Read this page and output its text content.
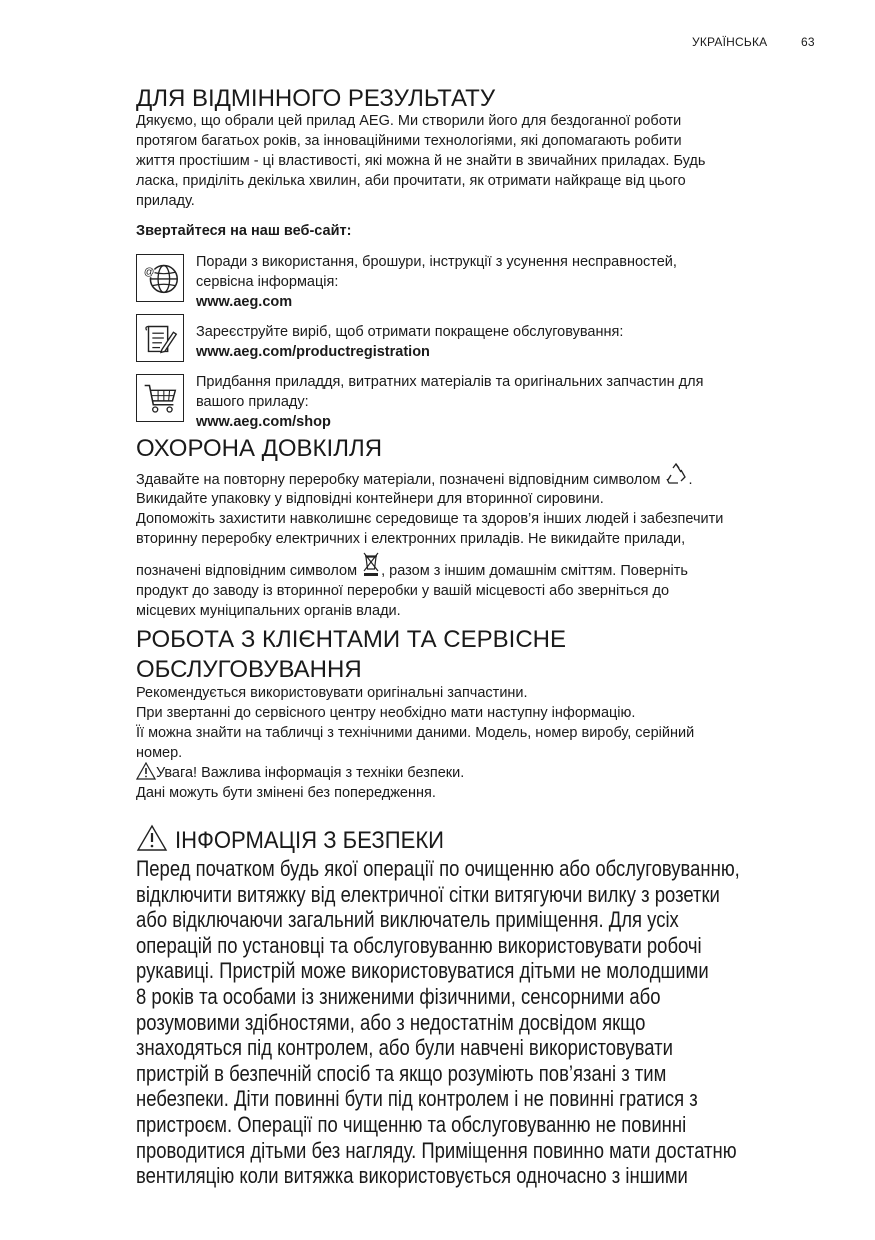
УКРАЇНСЬКА	63
ДЛЯ ВІДМІННОГО РЕЗУЛЬТАТУ
Дякуємо, що обрали цей прилад AEG. Ми створили його для бездоганної роботи
протягом багатьох років, за інноваційними технологіями, які допомагають робити
життя простішим - ці властивості, які можна й не знайти в звичайних приладах. Будь
ласка, приділіть декілька хвилин, аби прочитати, як отримати найкраще від цього
приладу.
Звертайтеся на наш веб-сайт:
@
Поради з використання, брошури, інструкції з усунення несправностей,
сервісна інформація:
www.aeg.com
Зареєструйте виріб, щоб отримати покращене обслуговування:
www.aeg.com/productregistration
Придбання приладдя, витратних матеріалів та оригінальних запчастин для
вашого приладу:
www.aeg.com/shop
ОХОРОНА ДОВКІЛЛЯ
Здавайте на повторну переробку матеріали, позначені відповідним символом .
Викидайте упаковку у відповідні контейнери для вторинної сировини.
Допоможіть захистити навколишнє середовище та здоров’я інших людей і забезпечити
вторинну переробку електричних і електронних приладів. Не викидайте прилади,
позначені відповідним символом , разом з іншим домашнім сміттям. Поверніть
продукт до заводу із вторинної переробки у вашій місцевості або зверніться до
місцевих муніципальних органів влади.
РОБОТА З КЛІЄНТАМИ ТА СЕРВІСНЕ
ОБСЛУГОВУВАННЯ
Рекомендується використовувати оригінальні запчастини.
При звертанні до сервісного центру необхідно мати наступну інформацію.
Її можна знайти на табличці з технічними даними. Модель, номер виробу, серійний
номер.
Увага! Важлива інформація з техніки безпеки.
Дані можуть бути змінені без попередження.
ІНФОРМАЦІЯ З БЕЗПЕКИ
Перед початком будь якої операції по очищенню або обслуговуванню,
відключити витяжку від електричної сітки витягуючи вилку з розетки
або відключаючи загальний виключатель приміщення. Для усіх
операцій по установці та обслуговуванню використовувати робочі
рукавиці. Пристрій може використовуватися дітьми не молодшими
8 років та особами із зниженими фізичними, сенсорними або
розумовими здібностями, або з недостатнім досвідом якщо
знаходяться під контролем, або були навчені використовувати
пристрій в безпечній спосіб та якщо розуміють пов’язані з тим
небезпеки. Діти повинні бути під контролем і не повинні гратися з
пристроєм. Операції по чищенню та обслуговуванню не повинні
проводитися дітьми без нагляду. Приміщення повинно мати достатню
вентиляцію коли витяжка використовується одночасно з іншими
